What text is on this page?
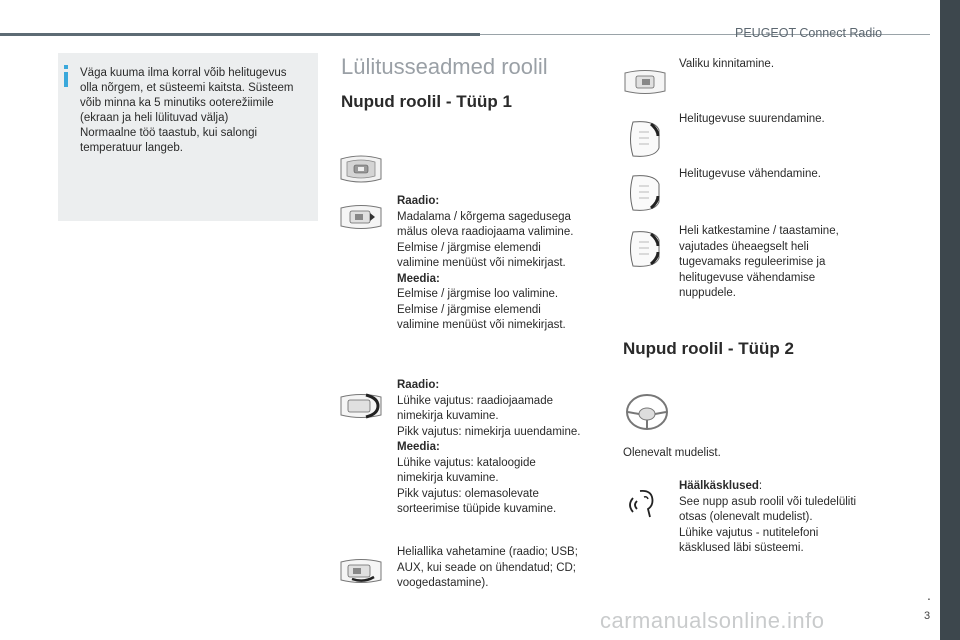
PEUGEOT Connect Radio
.
3
Väga kuuma ilma korral võib helitugevus
olla nõrgem, et süsteemi kaitsta. Süsteem
võib minna ka 5 minutiks ooterežiimile
(ekraan ja heli lülituvad välja)
Normaalne töö taastub, kui salongi
temperatuur langeb.
Lülitusseadmed roolil
Nupud roolil - Tüüp 1
Raadio:
Madalama / kõrgema sagedusega
mälus oleva raadiojaama valimine.
Eelmise / järgmise elemendi
valimine menüüst või nimekirjast.
Meedia:
Eelmise / järgmise loo valimine.
Eelmise / järgmise elemendi
valimine menüüst või nimekirjast.
Raadio:
Lühike vajutus: raadiojaamade
nimekirja kuvamine.
Pikk vajutus: nimekirja uuendamine.
Meedia:
Lühike vajutus: kataloogide
nimekirja kuvamine.
Pikk vajutus: olemasolevate
sorteerimise tüüpide kuvamine.
Heliallika vahetamine (raadio; USB;
AUX, kui seade on ühendatud; CD;
voogedastamine).
Valiku kinnitamine.
Helitugevuse suurendamine.
Helitugevuse vähendamine.
Heli katkestamine / taastamine,
vajutades üheaegselt heli
tugevamaks reguleerimise ja
helitugevuse vähendamise
nuppudele.
Nupud roolil - Tüüp 2
Olenevalt mudelist.
Häälkäsklused:
See nupp asub roolil või tuledelüliti
otsas (olenevalt mudelist).
Lühike vajutus - nutitelefoni
käsklused läbi süsteemi.
carmanualsonline.info
